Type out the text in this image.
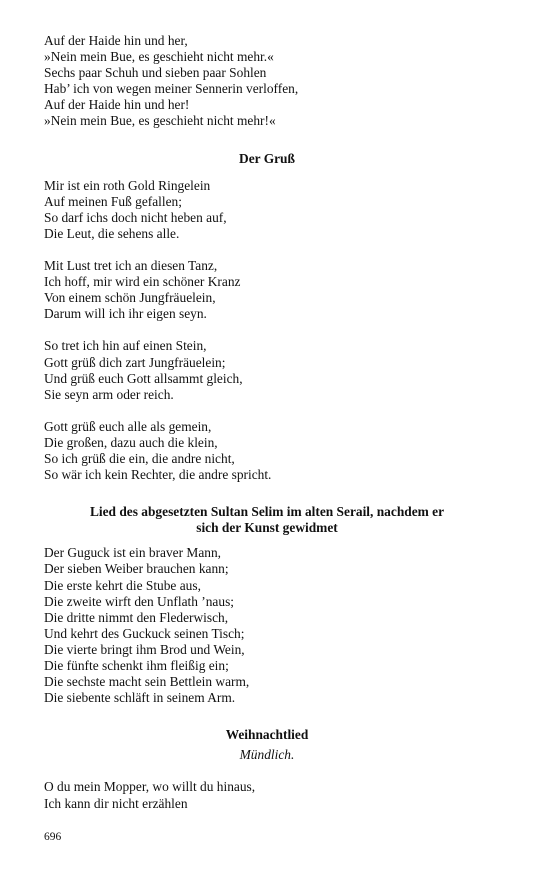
Auf der Haide hin und her,
»Nein mein Bue, es geschieht nicht mehr.«
Sechs paar Schuh und sieben paar Sohlen
Hab’ ich von wegen meiner Sennerin verloffen,
Auf der Haide hin und her!
»Nein mein Bue, es geschieht nicht mehr!«
Der Gruß
Mir ist ein roth Gold Ringelein
Auf meinen Fuß gefallen;
So darf ichs doch nicht heben auf,
Die Leut, die sehens alle.
Mit Lust tret ich an diesen Tanz,
Ich hoff, mir wird ein schöner Kranz
Von einem schön Jungfräuelein,
Darum will ich ihr eigen seyn.
So tret ich hin auf einen Stein,
Gott grüß dich zart Jungfräuelein;
Und grüß euch Gott allsammt gleich,
Sie seyn arm oder reich.
Gott grüß euch alle als gemein,
Die großen, dazu auch die klein,
So ich grüß die ein, die andre nicht,
So wär ich kein Rechter, die andre spricht.
Lied des abgesetzten Sultan Selim im alten Serail, nachdem er
sich der Kunst gewidmet
Der Guguck ist ein braver Mann,
Der sieben Weiber brauchen kann;
Die erste kehrt die Stube aus,
Die zweite wirft den Unflath ’naus;
Die dritte nimmt den Flederwisch,
Und kehrt des Guckuck seinen Tisch;
Die vierte bringt ihm Brod und Wein,
Die fünfte schenkt ihm fleißig ein;
Die sechste macht sein Bettlein warm,
Die siebente schläft in seinem Arm.
Weihnachtlied
Mündlich.
O du mein Mopper, wo willt du hinaus,
Ich kann dir nicht erzählen
696
